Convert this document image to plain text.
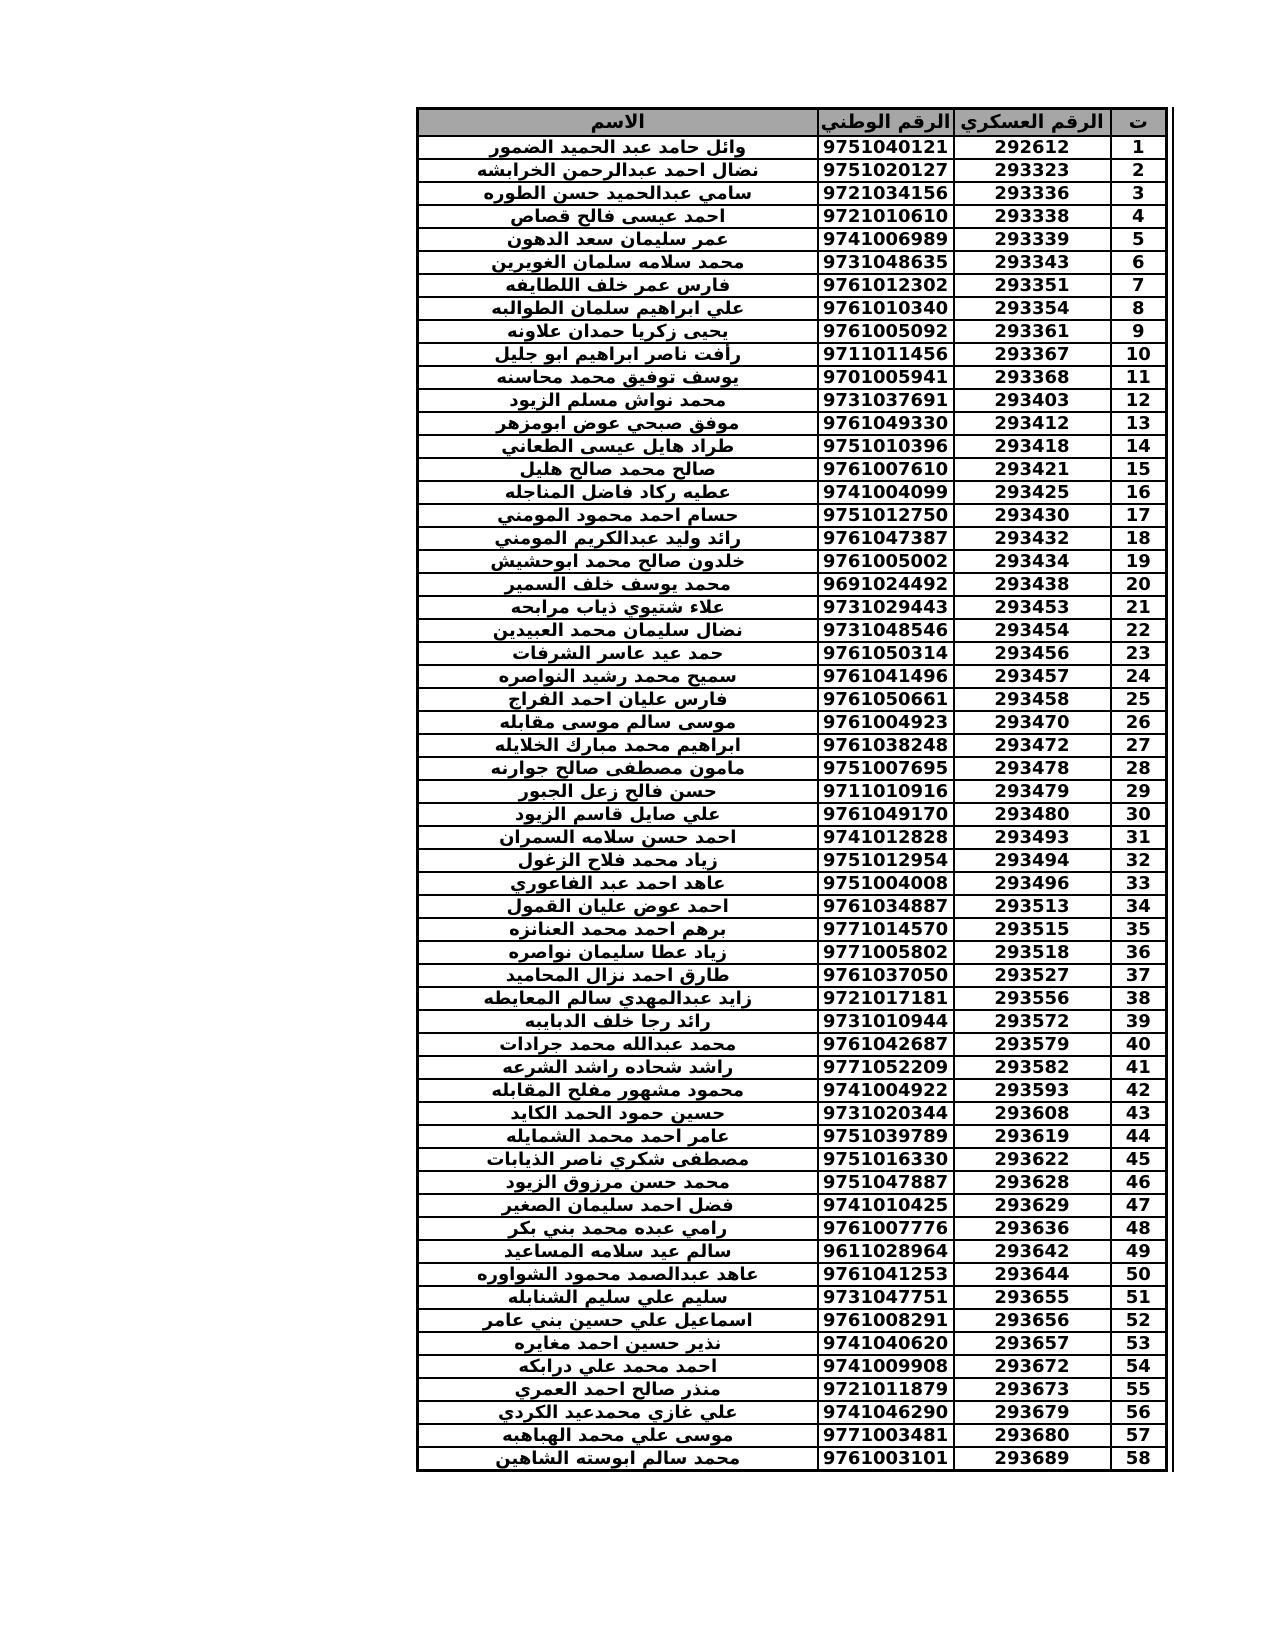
ت	الرقم العسكري	الرقم الوطني	الاسم
1	292612	9751040121	وائل حامد عبد الحميد الضمور
2	293323	9751020127	نضال احمد عبدالرحمن الخرابشه
3	293336	9721034156	سامي عبدالحميد حسن الطوره
4	293338	9721010610	احمد عيسى فالح قصاص
5	293339	9741006989	عمر سليمان سعد الدهون
6	293343	9731048635	محمد سلامه سلمان الغويرين
7	293351	9761012302	فارس عمر خلف اللطايفه
8	293354	9761010340	علي ابراهيم سلمان الطوالبه
9	293361	9761005092	يحيى زكريا حمدان علاونه
10	293367	9711011456	رأفت ناصر ابراهيم ابو جليل
11	293368	9701005941	يوسف توفيق محمد محاسنه
12	293403	9731037691	محمد نواش مسلم الزيود
13	293412	9761049330	موفق صبحي عوض ابومزهر
14	293418	9751010396	طراد هايل عيسى الطعاني
15	293421	9761007610	صالح محمد صالح هليل
16	293425	9741004099	عطيه ركاد فاضل المناجله
17	293430	9751012750	حسام احمد محمود المومني
18	293432	9761047387	رائد وليد عبدالكريم المومني
19	293434	9761005002	خلدون صالح محمد ابوحشيش
20	293438	9691024492	محمد يوسف خلف السمير
21	293453	9731029443	علاء شتيوي ذياب مرابحه
22	293454	9731048546	نضال سليمان محمد العبيدين
23	293456	9761050314	حمد عيد عاسر الشرفات
24	293457	9761041496	سميح محمد رشيد النواصره
25	293458	9761050661	فارس عليان احمد الفراج
26	293470	9761004923	موسى سالم موسى مقابله
27	293472	9761038248	ابراهيم محمد مبارك الخلايله
28	293478	9751007695	مامون مصطفى صالح جوارنه
29	293479	9711010916	حسن فالح زعل الجبور
30	293480	9761049170	علي صايل قاسم الزيود
31	293493	9741012828	احمد حسن سلامه السمران
32	293494	9751012954	زياد محمد فلاح الزغول
33	293496	9751004008	عاهد احمد عبد الفاعوري
34	293513	9761034887	احمد عوض عليان القمول
35	293515	9771014570	برهم احمد محمد العنانزه
36	293518	9771005802	زياد عطا سليمان نواصره
37	293527	9761037050	طارق احمد نزال المحاميد
38	293556	9721017181	زايد عبدالمهدي سالم المعايطه
39	293572	9731010944	رائد رجا خلف الدبايبه
40	293579	9761042687	محمد عبدالله محمد جرادات
41	293582	9771052209	راشد شحاده راشد الشرعه
42	293593	9741004922	محمود مشهور مفلح المقابله
43	293608	9731020344	حسين حمود الحمد الكايد
44	293619	9751039789	عامر احمد محمد الشمايله
45	293622	9751016330	مصطفى شكري ناصر الذيابات
46	293628	9751047887	محمد حسن مرزوق الزيود
47	293629	9741010425	فضل احمد سليمان الصغير
48	293636	9761007776	رامي عبده محمد بني بكر
49	293642	9611028964	سالم عيد سلامه المساعيد
50	293644	9761041253	عاهد عبدالصمد محمود الشواوره
51	293655	9731047751	سليم علي سليم الشنابله
52	293656	9761008291	اسماعيل علي حسين بني عامر
53	293657	9741040620	نذير حسين احمد مغايره
54	293672	9741009908	احمد محمد علي درابكه
55	293673	9721011879	منذر صالح احمد العمري
56	293679	9741046290	علي غازي محمدعيد الكردي
57	293680	9771003481	موسى علي محمد الهباهبه
58	293689	9761003101	محمد سالم ابوسته الشاهين
